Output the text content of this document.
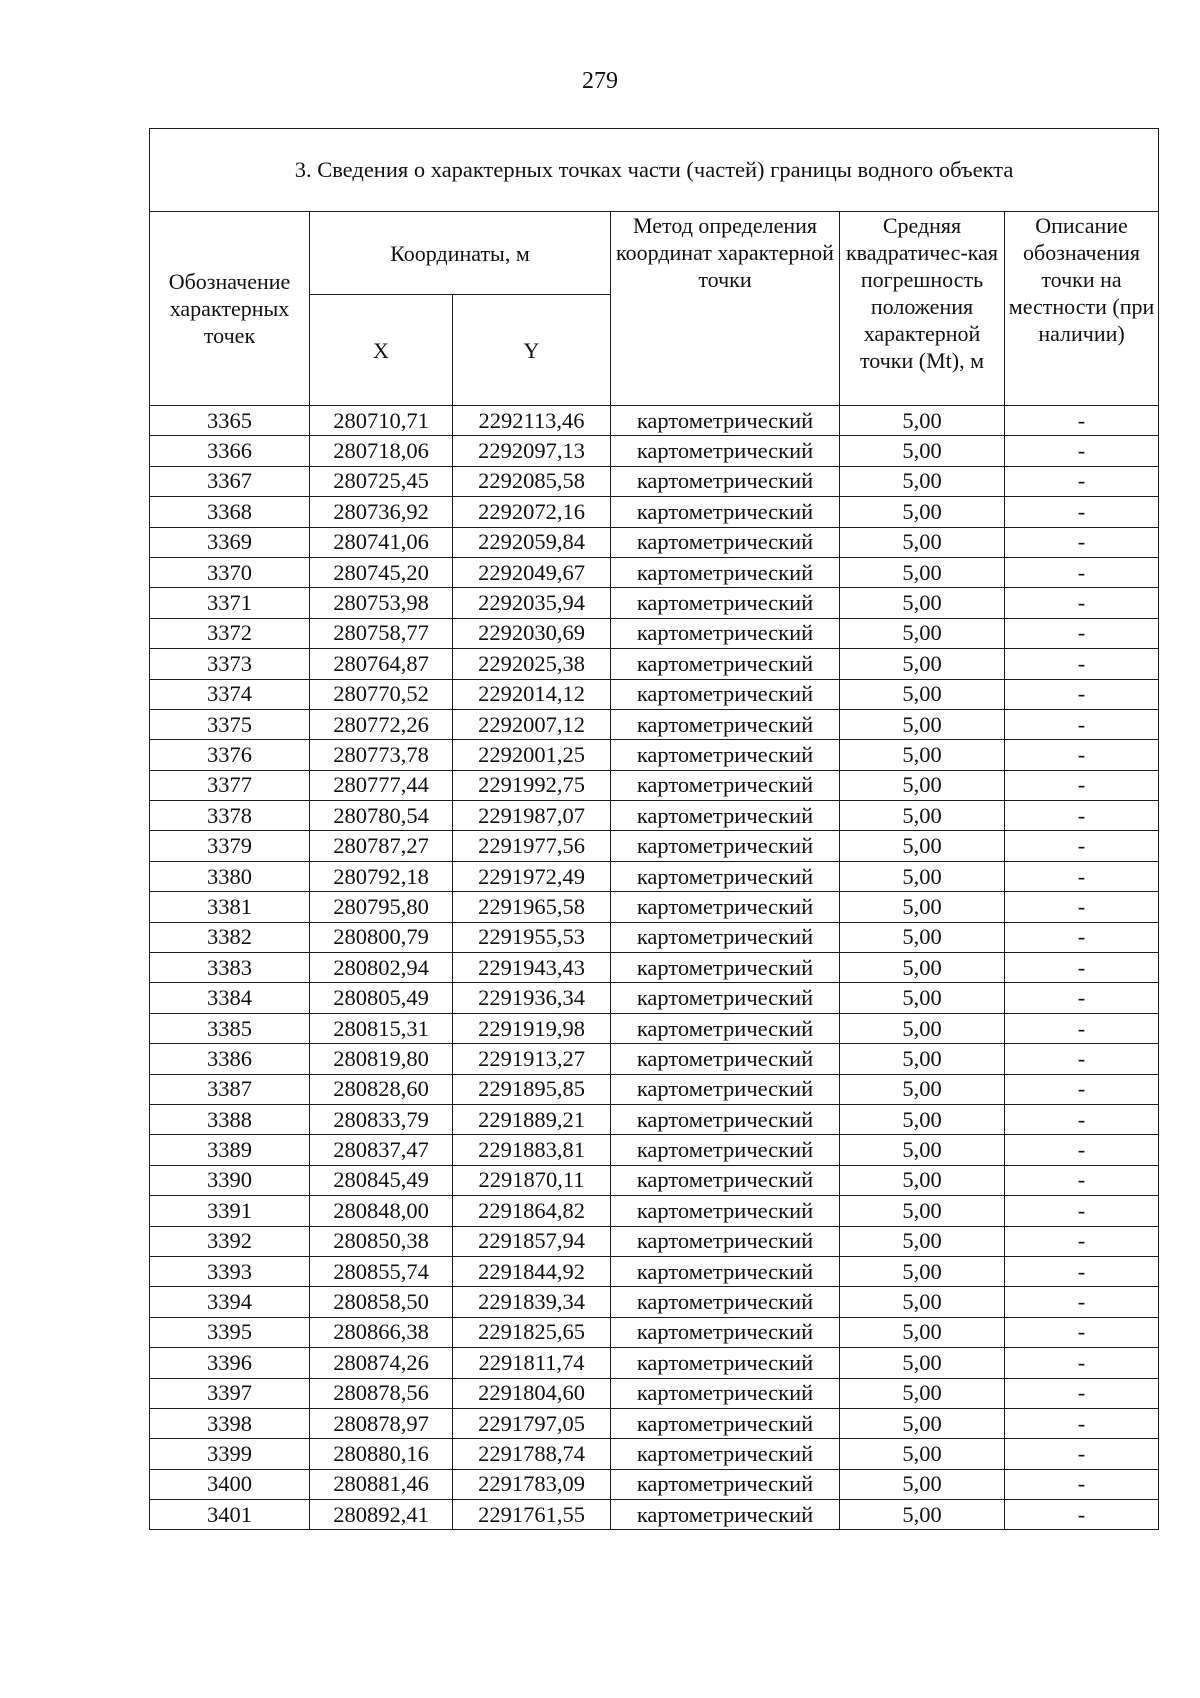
279
3. Сведения о характерных точках части (частей) границы водного объекта					
Обозначение характерных точек	Координаты, м		Метод определения координат характерной точки	Средняя квадратичес-кая погрешность положения характерной точки (Mt), м	Описание обозначения точки на местности (при наличии)
	X	Y			
3365	280710,71	2292113,46	картометрический	5,00	-
3366	280718,06	2292097,13	картометрический	5,00	-
3367	280725,45	2292085,58	картометрический	5,00	-
3368	280736,92	2292072,16	картометрический	5,00	-
3369	280741,06	2292059,84	картометрический	5,00	-
3370	280745,20	2292049,67	картометрический	5,00	-
3371	280753,98	2292035,94	картометрический	5,00	-
3372	280758,77	2292030,69	картометрический	5,00	-
3373	280764,87	2292025,38	картометрический	5,00	-
3374	280770,52	2292014,12	картометрический	5,00	-
3375	280772,26	2292007,12	картометрический	5,00	-
3376	280773,78	2292001,25	картометрический	5,00	-
3377	280777,44	2291992,75	картометрический	5,00	-
3378	280780,54	2291987,07	картометрический	5,00	-
3379	280787,27	2291977,56	картометрический	5,00	-
3380	280792,18	2291972,49	картометрический	5,00	-
3381	280795,80	2291965,58	картометрический	5,00	-
3382	280800,79	2291955,53	картометрический	5,00	-
3383	280802,94	2291943,43	картометрический	5,00	-
3384	280805,49	2291936,34	картометрический	5,00	-
3385	280815,31	2291919,98	картометрический	5,00	-
3386	280819,80	2291913,27	картометрический	5,00	-
3387	280828,60	2291895,85	картометрический	5,00	-
3388	280833,79	2291889,21	картометрический	5,00	-
3389	280837,47	2291883,81	картометрический	5,00	-
3390	280845,49	2291870,11	картометрический	5,00	-
3391	280848,00	2291864,82	картометрический	5,00	-
3392	280850,38	2291857,94	картометрический	5,00	-
3393	280855,74	2291844,92	картометрический	5,00	-
3394	280858,50	2291839,34	картометрический	5,00	-
3395	280866,38	2291825,65	картометрический	5,00	-
3396	280874,26	2291811,74	картометрический	5,00	-
3397	280878,56	2291804,60	картометрический	5,00	-
3398	280878,97	2291797,05	картометрический	5,00	-
3399	280880,16	2291788,74	картометрический	5,00	-
3400	280881,46	2291783,09	картометрический	5,00	-
3401	280892,41	2291761,55	картометрический	5,00	-
